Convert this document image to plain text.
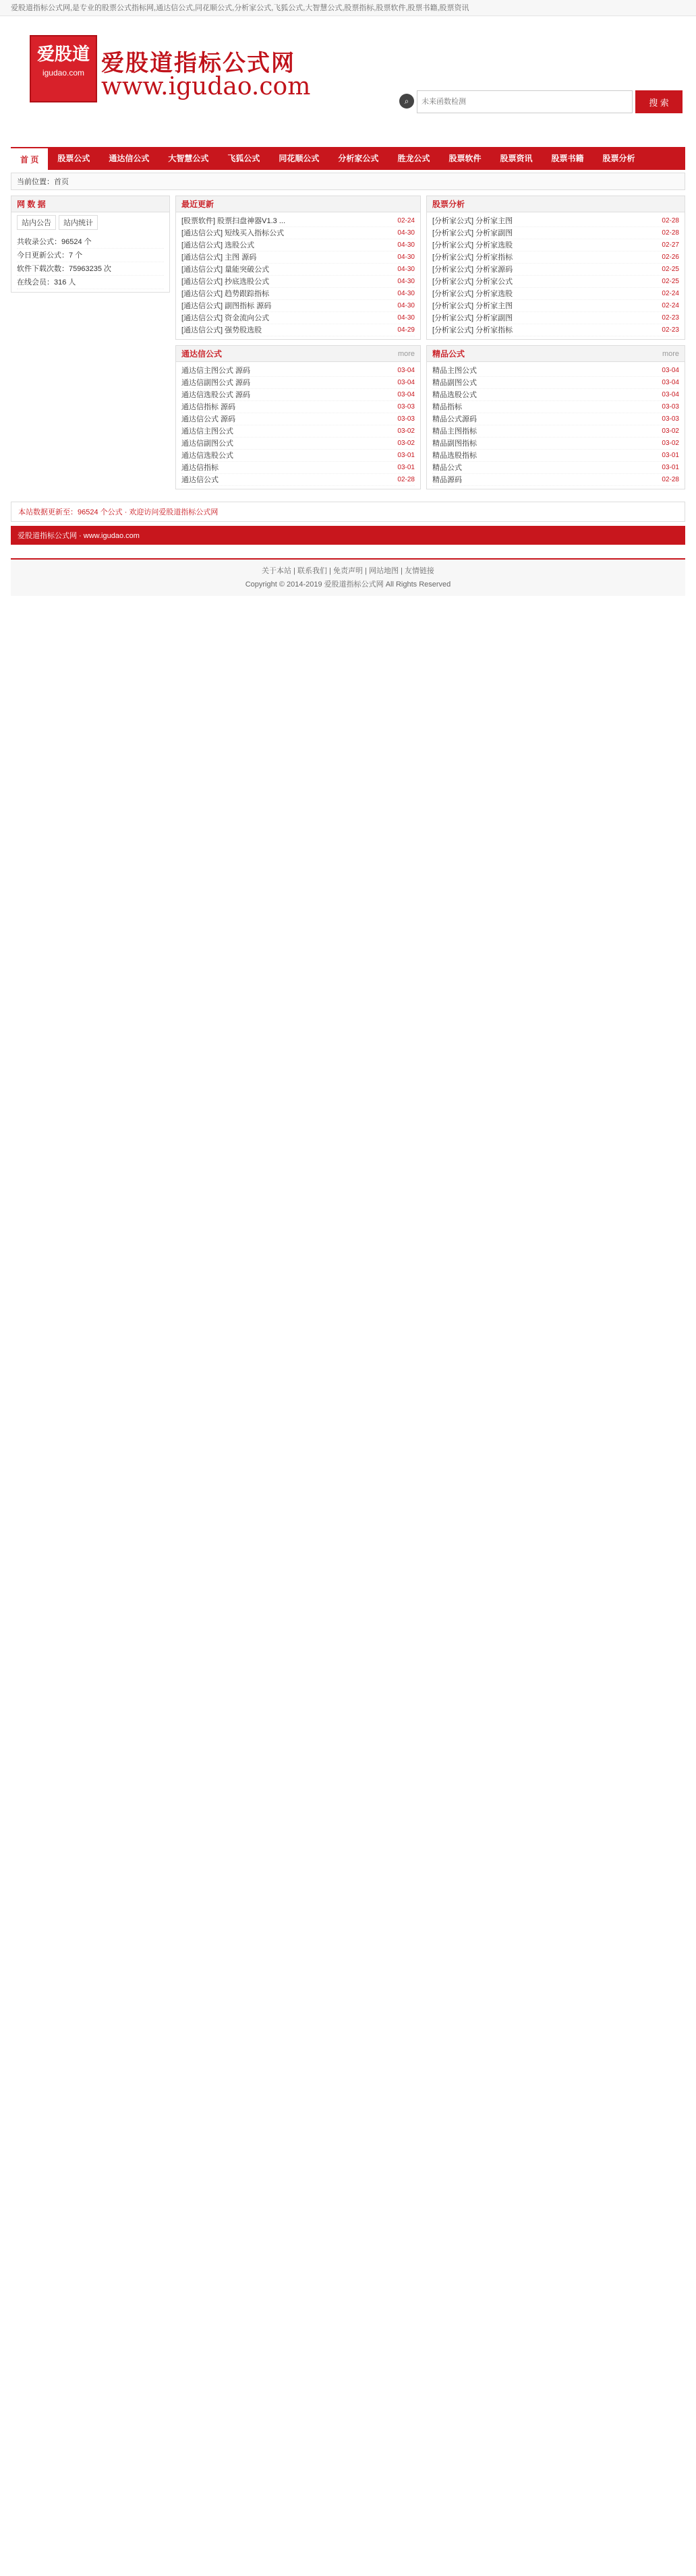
爱股道指标公式网,是专业的股票公式指标网,通达信公式,同花顺公式,分析家公式,飞狐公式,大智慧公式,股票指标,股票软件,股票书籍,股票资讯
爱股道
igudao.com 爱股道指标公式网
www.igudao.com
⌕
未来函数检测	搜 索
首 页	股票公式	通达信公式	大智慧公式	飞狐公式	同花顺公式	分析家公式	胜龙公式	股票软件	股票资讯	股票书籍	股票分析
当前位置：首页
网 数 据
站内公告	站内统计
共收录公式：96524 个
今日更新公式：7 个
软件下载次数：75963235 次
在线会员：316 人
最近更新
[股票软件] 股票扫盘神器V1.3 ...	02-24
[通达信公式] 短线买入指标公式	04-30
[通达信公式] 选股公式	04-30
[通达信公式] 主图 源码	04-30
[通达信公式] 量能突破公式	04-30
[通达信公式] 抄底选股公式	04-30
[通达信公式] 趋势跟踪指标	04-30
[通达信公式] 副图指标 源码	04-30
[通达信公式] 资金流向公式	04-30
[通达信公式] 强势股选股	04-29
通达信公式	more
通达信主图公式 源码	03-04
通达信副图公式 源码	03-04
通达信选股公式 源码	03-04
通达信指标 源码	03-03
通达信公式 源码	03-03
通达信主图公式	03-02
通达信副图公式	03-02
通达信选股公式	03-01
通达信指标	03-01
通达信公式	02-28
股票分析
[分析家公式] 分析家主图	02-28
[分析家公式] 分析家副图	02-28
[分析家公式] 分析家选股	02-27
[分析家公式] 分析家指标	02-26
[分析家公式] 分析家源码	02-25
[分析家公式] 分析家公式	02-25
[分析家公式] 分析家选股	02-24
[分析家公式] 分析家主图	02-24
[分析家公式] 分析家副图	02-23
[分析家公式] 分析家指标	02-23
精品公式	more
精品主图公式	03-04
精品副图公式	03-04
精品选股公式	03-04
精品指标	03-03
精品公式源码	03-03
精品主图指标	03-02
精品副图指标	03-02
精品选股指标	03-01
精品公式	03-01
精品源码	02-28
本站数据更新至：96524 个公式 · 欢迎访问爱股道指标公式网
爱股道指标公式网 · www.igudao.com
关于本站 | 联系我们 | 免责声明 | 网站地图 | 友情链接
Copyright © 2014-2019 爱股道指标公式网 All Rights Reserved
